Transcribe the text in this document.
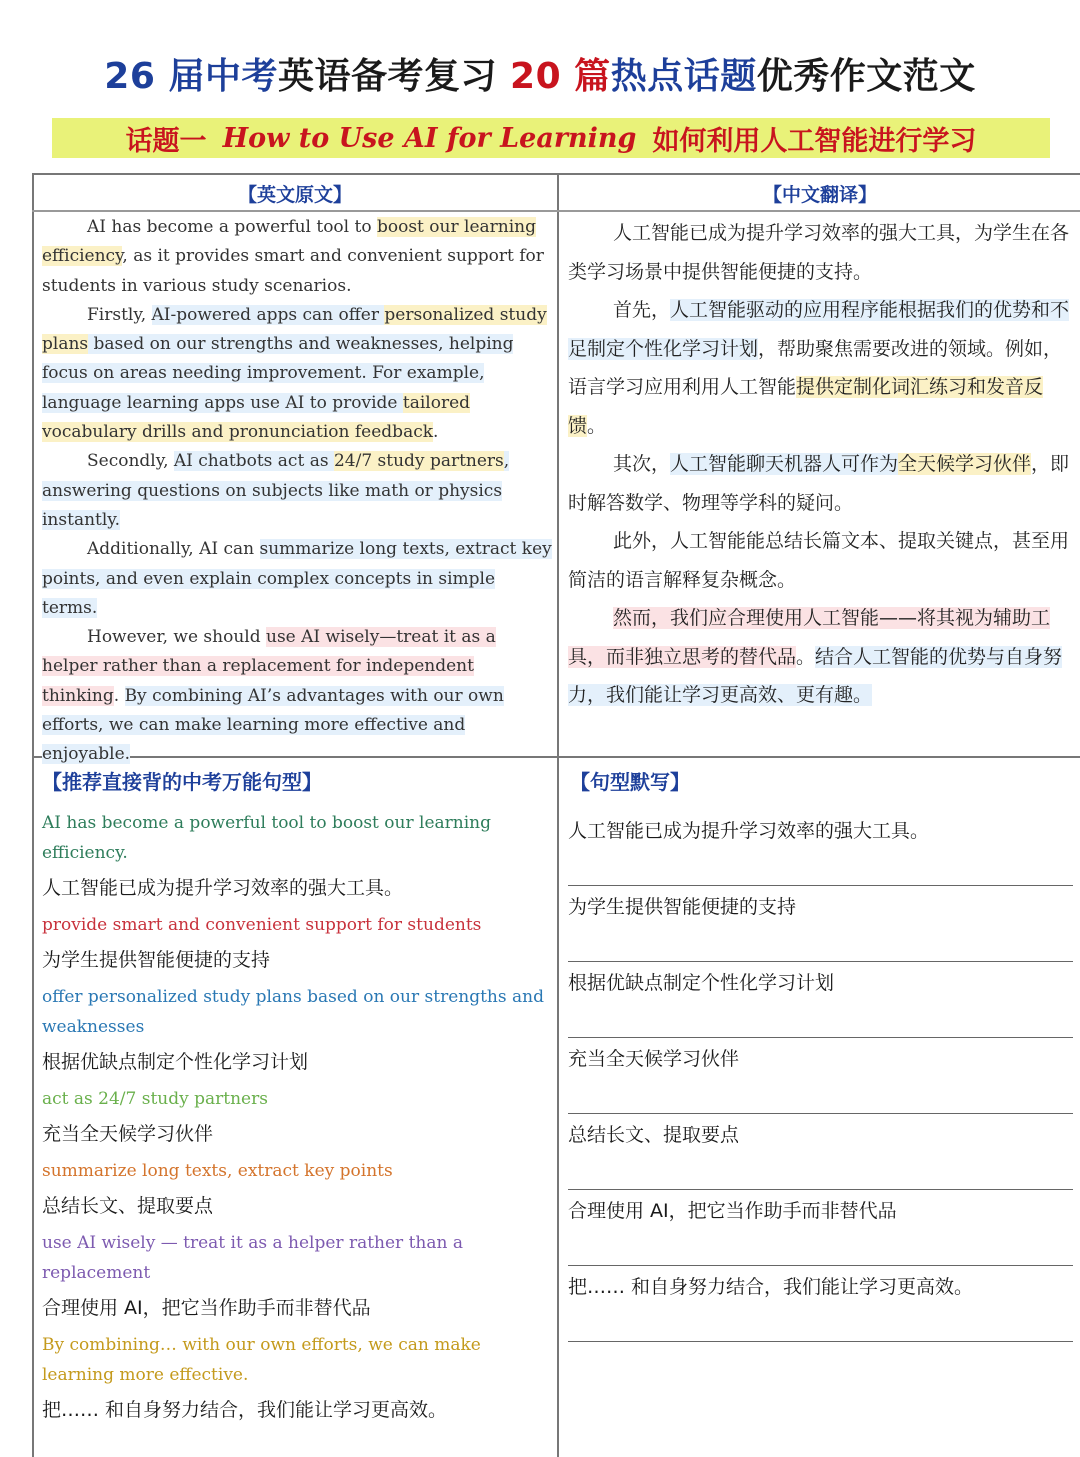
26 届中考英语备考复习 20 篇热点话题优秀作文范文
话题一 How to Use AI for Learning 如何利用人工智能进行学习
【英文原文】	【中文翻译】

AI has become a powerful tool to boost our learning efficiency, as it provides smart and convenient support for students in various study scenarios.

Firstly, AI-powered apps can offer personalized study plans based on our strengths and weaknesses, helping focus on areas needing improvement. For example, language learning apps use AI to provide tailored vocabulary drills and pronunciation feedback.

Secondly, AI chatbots act as 24/7 study partners, answering questions on subjects like math or physics instantly.

Additionally, AI can summarize long texts, extract key points, and even explain complex concepts in simple terms.

However, we should use AI wisely—treat it as a helper rather than a replacement for independent thinking. By combining AI’s advantages with our own efforts, we can make learning more effective and enjoyable.

人工智能已成为提升学习效率的强大工具，为学生在各类学习场景中提供智能便捷的支持。

首先，人工智能驱动的应用程序能根据我们的优势和不足制定个性化学习计划，帮助聚焦需要改进的领域。例如，语言学习应用利用人工智能提供定制化词汇练习和发音反馈。

其次，人工智能聊天机器人可作为全天候学习伙伴，即时解答数学、物理等学科的疑问。

此外，人工智能能总结长篇文本、提取关键点，甚至用简洁的语言解释复杂概念。

然而，我们应合理使用人工智能——将其视为辅助工具，而非独立思考的替代品。结合人工智能的优势与自身努力，我们能让学习更高效、更有趣。

【推荐直接背的中考万能句型】	【句型默写】
AI has become a powerful tool to boost our learning efficiency.
人工智能已成为提升学习效率的强大工具。
provide smart and convenient support for students
为学生提供智能便捷的支持
offer personalized study plans based on our strengths and weaknesses
根据优缺点制定个性化学习计划
act as 24/7 study partners
充当全天候学习伙伴
summarize long texts, extract key points
总结长文、提取要点
use AI wisely — treat it as a helper rather than a replacement
合理使用 AI，把它当作助手而非替代品
By combining… with our own efforts, we can make learning more effective.
把…… 和自身努力结合，我们能让学习更高效。
人工智能已成为提升学习效率的强大工具。
为学生提供智能便捷的支持
根据优缺点制定个性化学习计划
充当全天候学习伙伴
总结长文、提取要点
合理使用 AI，把它当作助手而非替代品
把…… 和自身努力结合，我们能让学习更高效。
